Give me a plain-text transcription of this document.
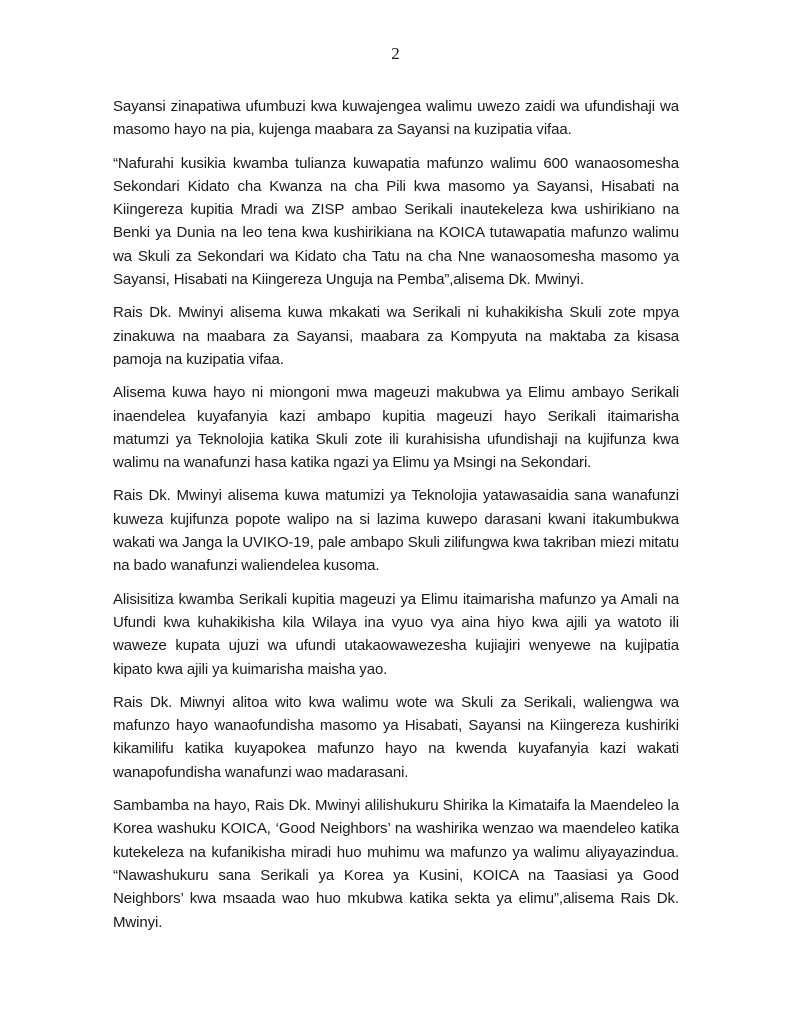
2

Sayansi zinapatiwa ufumbuzi kwa kuwajengea walimu uwezo zaidi wa ufundishaji wa masomo hayo na pia, kujenga maabara za Sayansi na kuzipatia vifaa.

“Nafurahi kusikia kwamba tulianza kuwapatia mafunzo walimu 600 wanaosomesha Sekondari Kidato cha Kwanza na cha Pili kwa masomo ya Sayansi, Hisabati na Kiingereza kupitia Mradi wa ZISP ambao Serikali inautekeleza kwa ushirikiano na Benki ya Dunia na leo tena kwa kushirikiana na KOICA tutawapatia mafunzo walimu wa Skuli za Sekondari wa Kidato cha Tatu na cha Nne wanaosomesha masomo ya Sayansi, Hisabati na Kiingereza Unguja na Pemba”,alisema Dk. Mwinyi.

Rais Dk. Mwinyi alisema kuwa mkakati wa Serikali ni kuhakikisha Skuli zote mpya zinakuwa na maabara za Sayansi, maabara za Kompyuta na maktaba za kisasa pamoja na kuzipatia vifaa.

Alisema kuwa hayo ni miongoni mwa mageuzi makubwa ya Elimu ambayo Serikali inaendelea kuyafanyia kazi ambapo kupitia mageuzi hayo Serikali itaimarisha matumzi ya Teknolojia katika Skuli zote ili kurahisisha ufundishaji na kujifunza kwa walimu na wanafunzi hasa katika ngazi ya Elimu ya Msingi na Sekondari.

Rais Dk. Mwinyi alisema kuwa matumizi ya Teknolojia yatawasaidia sana wanafunzi kuweza kujifunza popote walipo na si lazima kuwepo darasani kwani itakumbukwa wakati wa Janga la UVIKO-19, pale ambapo Skuli zilifungwa kwa takriban miezi mitatu na bado wanafunzi waliendelea kusoma.

Alisisitiza kwamba Serikali kupitia mageuzi ya Elimu itaimarisha mafunzo ya Amali na Ufundi kwa kuhakikisha kila Wilaya ina vyuo vya aina hiyo kwa ajili ya watoto ili waweze kupata ujuzi wa ufundi utakaowawezesha kujiajiri wenyewe na kujipatia kipato kwa ajili ya kuimarisha maisha yao.

Rais Dk. Miwnyi alitoa wito kwa walimu wote wa Skuli za Serikali, waliengwa wa mafunzo hayo wanaofundisha masomo ya Hisabati, Sayansi na Kiingereza kushiriki kikamilifu katika kuyapokea mafunzo hayo na kwenda kuyafanyia kazi wakati wanapofundisha wanafunzi wao madarasani.

Sambamba na hayo, Rais Dk. Mwinyi alilishukuru Shirika la Kimataifa la Maendeleo la Korea washuku KOICA, ‘Good Neighbors’ na washirika wenzao wa maendeleo katika kutekeleza na kufanikisha miradi huo muhimu wa mafunzo ya walimu aliyayazindua. “Nawashukuru sana Serikali ya Korea ya Kusini, KOICA na Taasiasi ya Good Neighbors’ kwa msaada wao huo mkubwa katika sekta ya elimu”,alisema Rais Dk. Mwinyi.
